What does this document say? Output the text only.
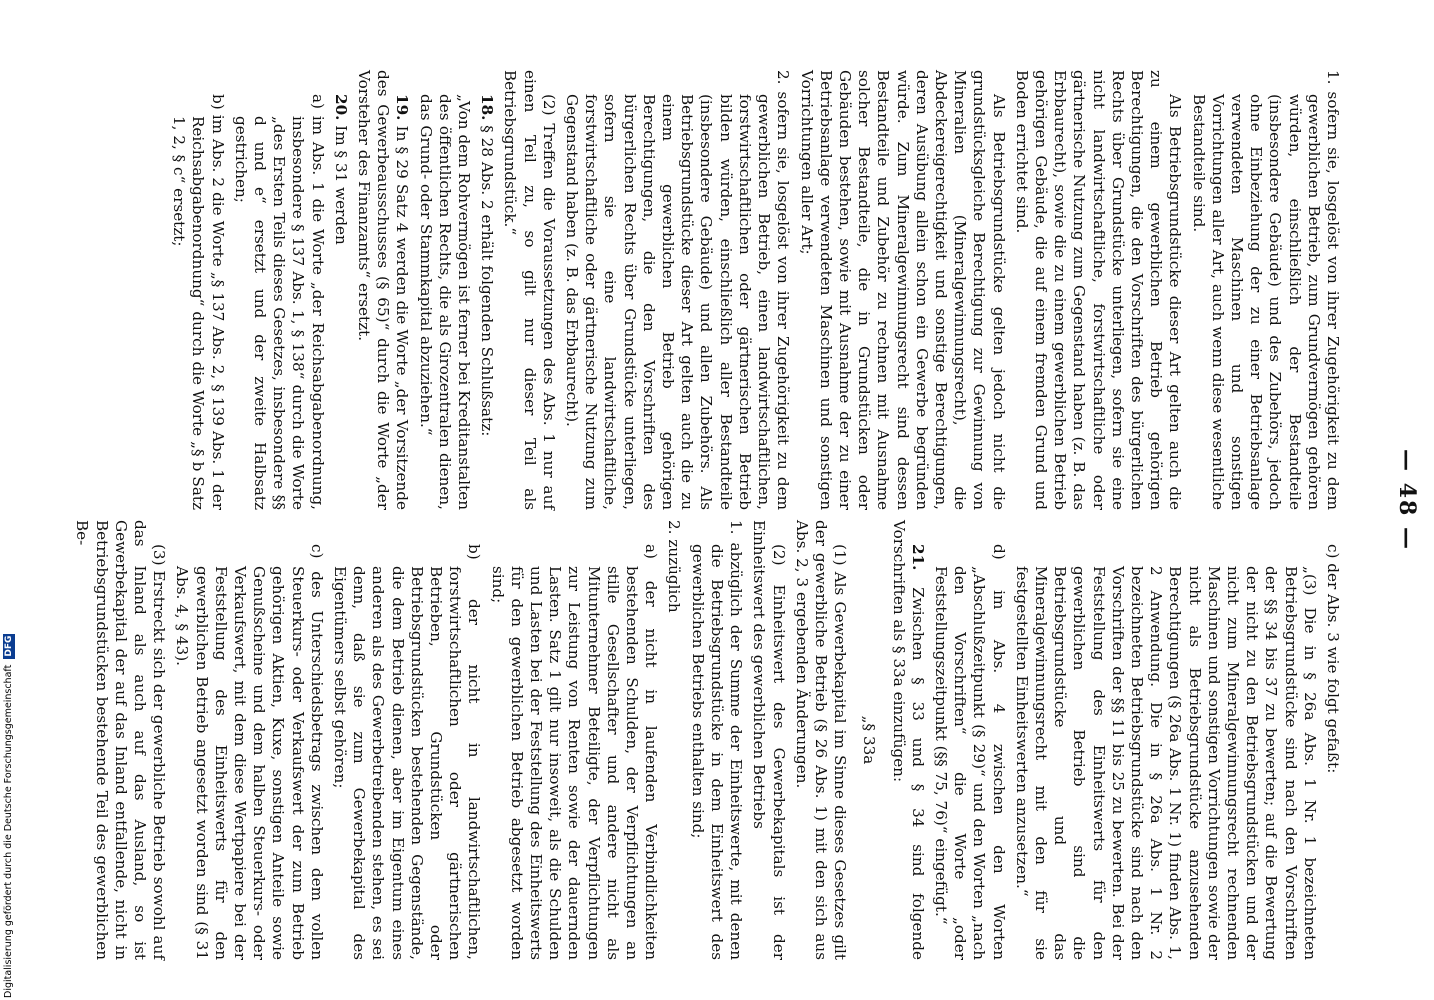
— 48 —

1. sofern sie, losgelöst von ihrer Zugehörigkeit zu dem gewerblichen Betrieb, zum Grundvermögen gehören würden, einschließlich der Bestandteile (insbesondere Gebäude) und des Zubehörs, jedoch ohne Einbeziehung der zu einer Betriebsanlage verwendeten Maschinen und sonstigen Vorrichtungen aller Art, auch wenn diese wesentliche Bestandteile sind.

Als Betriebsgrundstücke dieser Art gelten auch die zu einem gewerblichen Betrieb gehörigen Berechtigungen, die den Vorschriften des bürgerlichen Rechts über Grundstücke unterliegen, sofern sie eine nicht landwirtschaftliche, forstwirtschaftliche oder gärtnerische Nutzung zum Gegenstand haben (z. B. das Erbbaurecht), sowie die zu einem gewerblichen Betrieb gehörigen Gebäude, die auf einem fremden Grund und Boden errichtet sind.

Als Betriebsgrundstücke gelten jedoch nicht die grundstücksgleiche Berechtigung zur Gewinnung von Mineralien (Mineralgewinnungsrecht), die Abdeckereigerechtigkeit und sonstige Berechtigungen, deren Ausübung allein schon ein Gewerbe begründen würde. Zum Mineralgewinnungsrecht sind dessen Bestandteile und Zubehör zu rechnen mit Ausnahme solcher Bestandteile, die in Grundstücken oder Gebäuden bestehen, sowie mit Ausnahme der zu einer Betriebsanlage verwendeten Maschinen und sonstigen Vorrichtungen aller Art;

2. sofern sie, losgelöst von ihrer Zugehörigkeit zu dem gewerblichen Betrieb, einen landwirtschaftlichen, forstwirtschaftlichen oder gärtnerischen Betrieb bilden würden, einschließlich aller Bestandteile (insbesondere Gebäude) und allen Zubehörs. Als Betriebsgrundstücke dieser Art gelten auch die zu einem gewerblichen Betrieb gehörigen Berechtigungen, die den Vorschriften des bürgerlichen Rechts über Grundstücke unterliegen, sofern sie eine landwirtschaftliche, forstwirtschaftliche oder gärtnerische Nutzung zum Gegenstand haben (z. B. das Erbbaurecht).

(2) Treffen die Voraussetzungen des Abs. 1 nur auf einen Teil zu, so gilt nur dieser Teil als Betriebsgrundstück.“

18. § 28 Abs. 2 erhält folgenden Schlußsatz:

„Von dem Rohvermögen ist ferner bei Kreditanstalten des öffentlichen Rechts, die als Girozentralen dienen, das Grund- oder Stammkapital abzuziehen.“

19. In § 29 Satz 4 werden die Worte „der Vorsitzende des Gewerbeausschusses (§ 65)“ durch die Worte „der Vorsteher des Finanzamts“ ersetzt.

20. Im § 31 werden

a) im Abs. 1 die Worte „der Reichsabgabenordnung, insbesondere § 137 Abs. 1, § 138“ durch die Worte „des Ersten Teils dieses Gesetzes, insbesondere §§ d und e“ ersetzt und der zweite Halbsatz gestrichen;

b) im Abs. 2 die Worte „§ 137 Abs. 2, § 139 Abs. 1 der Reichsabgabenordnung“ durch die Worte „§ b Satz 1, 2, § c“ ersetzt;

c) der Abs. 3 wie folgt gefaßt:

„(3) Die in § 26a Abs. 1 Nr. 1 bezeichneten Betriebsgrundstücke sind nach den Vorschriften der §§ 34 bis 37 zu bewerten; auf die Bewertung der nicht zu den Betriebsgrundstücken und der nicht zum Mineralgewinnungsrecht rechnenden Maschinen und sonstigen Vorrichtungen sowie der nicht als Betriebsgrundstücke anzusehenden Berechtigungen (§ 26a Abs. 1 Nr. 1) finden Abs. 1, 2 Anwendung. Die in § 26a Abs. 1 Nr. 2 bezeichneten Betriebsgrundstücke sind nach den Vorschriften der §§ 11 bis 25 zu bewerten. Bei der Feststellung des Einheitswerts für den gewerblichen Betrieb sind die Betriebsgrundstücke und das Mineralgewinnungsrecht mit den für sie festgestellten Einheitswerten anzusetzen.“

d) im Abs. 4 zwischen den Worten „Abschlußzeitpunkt (§ 29)“ und den Worten „nach den Vorschriften“ die Worte „oder Feststellungszeitpunkt (§§ 75, 76)“ eingefügt.“

21. Zwischen § 33 und § 34 sind folgende Vorschriften als § 33a einzufügen:

„§ 33a

(1) Als Gewerbekapital im Sinne dieses Gesetzes gilt der gewerbliche Betrieb (§ 26 Abs. 1) mit den sich aus Abs. 2, 3 ergebenden Änderungen.

(2) Einheitswert des Gewerbekapitals ist der Einheitswert des gewerblichen Betriebs

1. abzüglich der Summe der Einheitswerte, mit denen die Betriebsgrundstücke in dem Einheitswert des gewerblichen Betriebs enthalten sind;

2. zuzüglich

a) der nicht in laufenden Verbindlichkeiten bestehenden Schulden, der Verpflichtungen an stille Gesellschafter und andere nicht als Mitunternehmer Beteiligte, der Verpflichtungen zur Leistung von Renten sowie der dauernden Lasten. Satz 1 gilt nur insoweit, als die Schulden und Lasten bei der Feststellung des Einheitswerts für den gewerblichen Betrieb abgesetzt worden sind;

b) der nicht in landwirtschaftlichen, forstwirtschaftlichen oder gärtnerischen Betrieben, Grundstücken oder Betriebsgrundstücken bestehenden Gegenstände, die dem Betrieb dienen, aber im Eigentum eines anderen als des Gewerbetreibenden stehen, es sei denn, daß sie zum Gewerbekapital des Eigentümers selbst gehören;

c) des Unterschiedsbetrags zwischen dem vollen Steuerkurs- oder Verkaufswert der zum Betrieb gehörigen Aktien, Kuxe, sonstigen Anteile sowie Genußscheine und dem halben Steuerkurs- oder Verkaufswert, mit dem diese Wertpapiere bei der Feststellung des Einheitswerts für den gewerblichen Betrieb angesetzt worden sind (§ 31 Abs. 4, § 43).

(3) Erstreckt sich der gewerbliche Betrieb sowohl auf das Inland als auch auf das Ausland, so ist Gewerbekapital der auf das Inland entfallende, nicht in Betriebsgrundstücken bestehende Teil des gewerblichen Be-

Digitalisierung gefördert durch die Deutsche Forschungsgemeinschaft DFG
